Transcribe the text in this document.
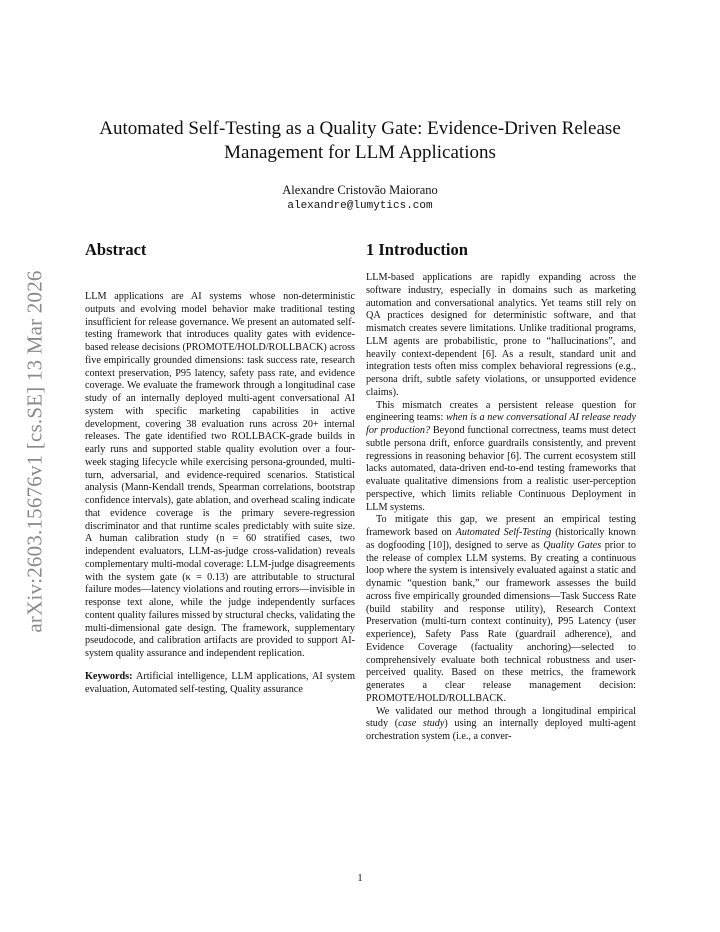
arXiv:2603.15676v1 [cs.SE] 13 Mar 2026
Automated Self-Testing as a Quality Gate: Evidence-Driven Release
Management for LLM Applications
Alexandre Cristovão Maiorano
alexandre@lumytics.com
Abstract
LLM applications are AI systems whose non-deterministic outputs and evolving model behavior make traditional testing insufficient for release governance. We present an automated self-testing framework that introduces quality gates with evidence-based release decisions (PROMOTE/HOLD/ROLLBACK) across five empirically grounded dimensions: task success rate, research context preservation, P95 latency, safety pass rate, and evidence coverage. We evaluate the framework through a longitudinal case study of an internally deployed multi-agent conversational AI system with specific marketing capabilities in active development, covering 38 evaluation runs across 20+ internal releases. The gate identified two ROLLBACK-grade builds in early runs and supported stable quality evolution over a four-week staging lifecycle while exercising persona-grounded, multi-turn, adversarial, and evidence-required scenarios. Statistical analysis (Mann-Kendall trends, Spearman correlations, bootstrap confidence intervals), gate ablation, and overhead scaling indicate that evidence coverage is the primary severe-regression discriminator and that runtime scales predictably with suite size. A human calibration study (n = 60 stratified cases, two independent evaluators, LLM-as-judge cross-validation) reveals complementary multi-modal coverage: LLM-judge disagreements with the system gate (κ = 0.13) are attributable to structural failure modes—latency violations and routing errors—invisible in response text alone, while the judge independently surfaces content quality failures missed by structural checks, validating the multi-dimensional gate design. The framework, supplementary pseudocode, and calibration artifacts are provided to support AI-system quality assurance and independent replication.
Keywords: Artificial intelligence, LLM applications, AI system evaluation, Automated self-testing, Quality assurance
1 Introduction

LLM-based applications are rapidly expanding across the software industry, especially in domains such as marketing automation and conversational analytics. Yet teams still rely on QA practices designed for deterministic software, and that mismatch creates severe limitations. Unlike traditional programs, LLM agents are probabilistic, prone to “hallucinations”, and heavily context-dependent [6]. As a result, standard unit and integration tests often miss complex behavioral regressions (e.g., persona drift, subtle safety violations, or unsupported evidence claims).

This mismatch creates a persistent release question for engineering teams: when is a new conversational AI release ready for production? Beyond functional correctness, teams must detect subtle persona drift, enforce guardrails consistently, and prevent regressions in reasoning behavior [6]. The current ecosystem still lacks automated, data-driven end-to-end testing frameworks that evaluate qualitative dimensions from a realistic user-perception perspective, which limits reliable Continuous Deployment in LLM systems.

To mitigate this gap, we present an empirical testing framework based on Automated Self-Testing (historically known as dogfooding [10]), designed to serve as Quality Gates prior to the release of complex LLM systems. By creating a continuous loop where the system is intensively evaluated against a static and dynamic “question bank,” our framework assesses the build across five empirically grounded dimensions—Task Success Rate (build stability and response utility), Research Context Preservation (multi-turn context continuity), P95 Latency (user experience), Safety Pass Rate (guardrail adherence), and Evidence Coverage (factuality anchoring)—selected to comprehensively evaluate both technical robustness and user-perceived quality. Based on these metrics, the framework generates a clear release management decision: PROMOTE/HOLD/ROLLBACK.

We validated our method through a longitudinal empirical study (case study) using an internally deployed multi-agent orchestration system (i.e., a conver-

1
